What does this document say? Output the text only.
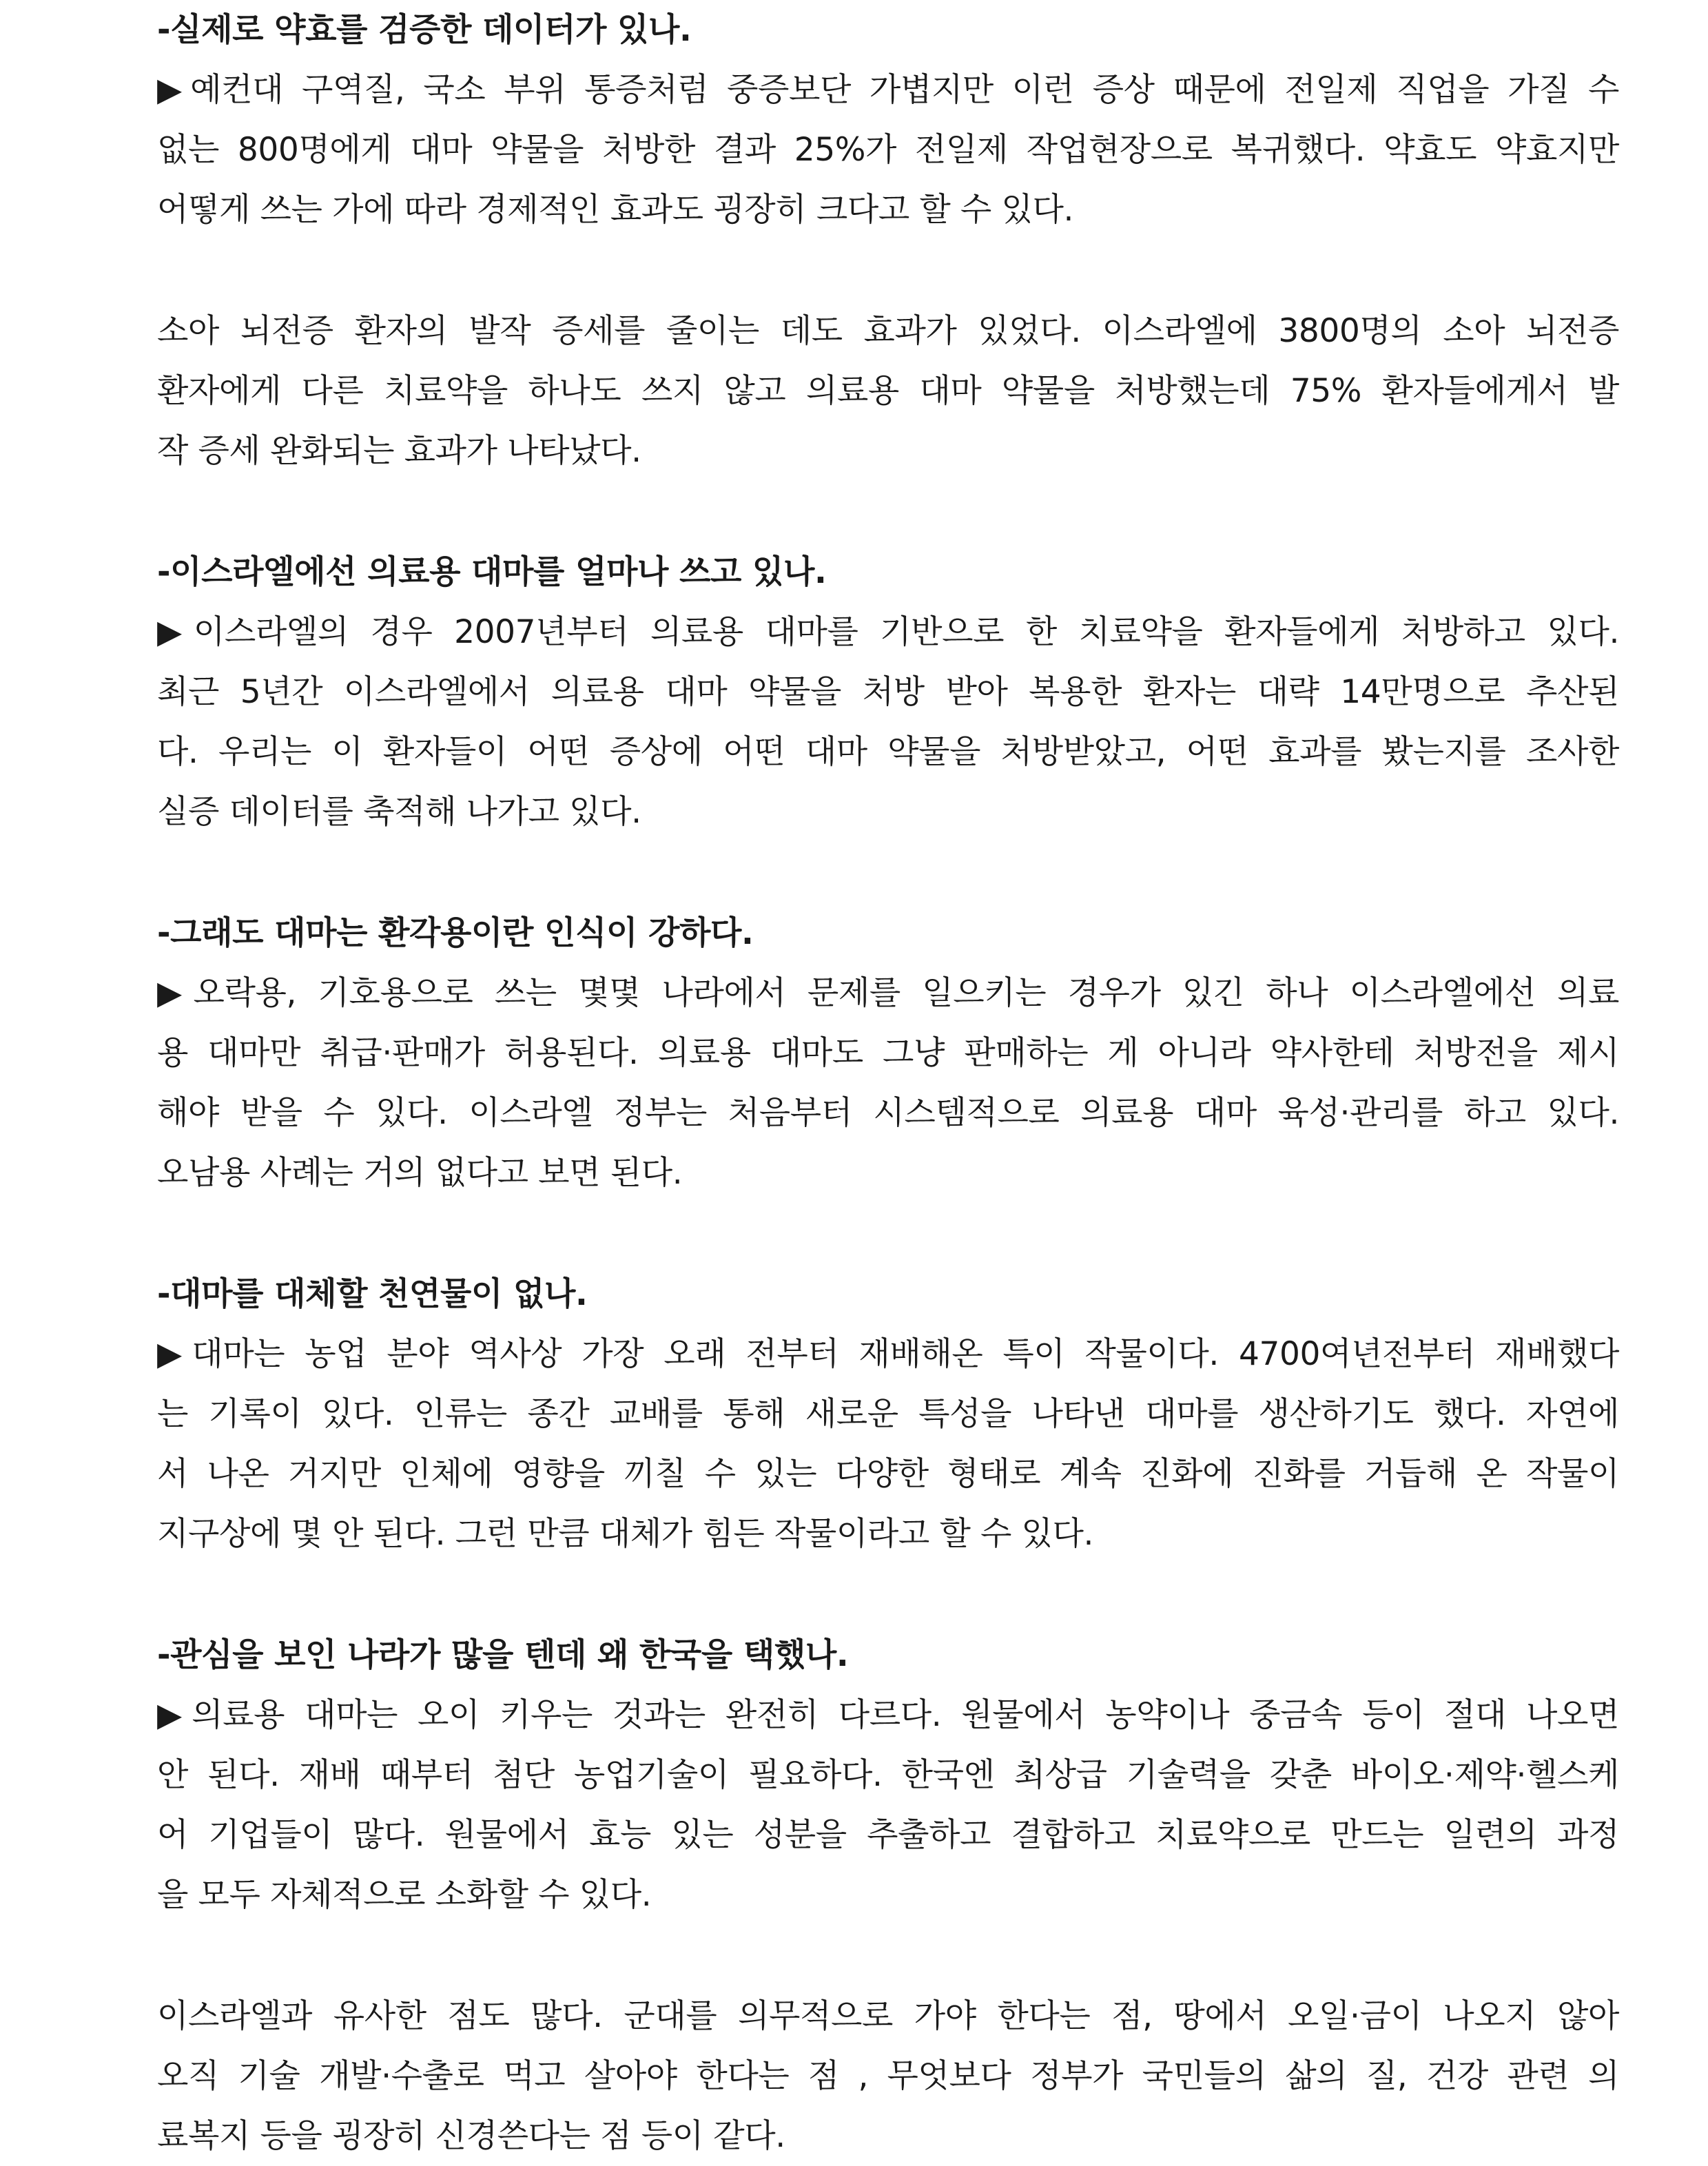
-실제로 약효를 검증한 데이터가 있나.
▶예컨대 구역질, 국소 부위 통증처럼 중증보단 가볍지만 이런 증상 때문에 전일제 직업을 가질 수
없는 800명에게 대마 약물을 처방한 결과 25%가 전일제 작업현장으로 복귀했다. 약효도 약효지만
어떻게 쓰는 가에 따라 경제적인 효과도 굉장히 크다고 할 수 있다.
소아 뇌전증 환자의 발작 증세를 줄이는 데도 효과가 있었다. 이스라엘에 3800명의 소아 뇌전증
환자에게 다른 치료약을 하나도 쓰지 않고 의료용 대마 약물을 처방했는데 75% 환자들에게서 발
작 증세 완화되는 효과가 나타났다.
-이스라엘에선 의료용 대마를 얼마나 쓰고 있나.
▶이스라엘의 경우 2007년부터 의료용 대마를 기반으로 한 치료약을 환자들에게 처방하고 있다.
최근 5년간 이스라엘에서 의료용 대마 약물을 처방 받아 복용한 환자는 대략 14만명으로 추산된
다. 우리는 이 환자들이 어떤 증상에 어떤 대마 약물을 처방받았고, 어떤 효과를 봤는지를 조사한
실증 데이터를 축적해 나가고 있다.
-그래도 대마는 환각용이란 인식이 강하다.
▶오락용, 기호용으로 쓰는 몇몇 나라에서 문제를 일으키는 경우가 있긴 하나 이스라엘에선 의료
용 대마만 취급·판매가 허용된다. 의료용 대마도 그냥 판매하는 게 아니라 약사한테 처방전을 제시
해야 받을 수 있다. 이스라엘 정부는 처음부터 시스템적으로 의료용 대마 육성·관리를 하고 있다.
오남용 사례는 거의 없다고 보면 된다.
-대마를 대체할 천연물이 없나.
▶대마는 농업 분야 역사상 가장 오래 전부터 재배해온 특이 작물이다. 4700여년전부터 재배했다
는 기록이 있다. 인류는 종간 교배를 통해 새로운 특성을 나타낸 대마를 생산하기도 했다. 자연에
서 나온 거지만 인체에 영향을 끼칠 수 있는 다양한 형태로 계속 진화에 진화를 거듭해 온 작물이
지구상에 몇 안 된다. 그런 만큼 대체가 힘든 작물이라고 할 수 있다.
-관심을 보인 나라가 많을 텐데 왜 한국을 택했나.
▶의료용 대마는 오이 키우는 것과는 완전히 다르다. 원물에서 농약이나 중금속 등이 절대 나오면
안 된다. 재배 때부터 첨단 농업기술이 필요하다. 한국엔 최상급 기술력을 갖춘 바이오·제약·헬스케
어 기업들이 많다. 원물에서 효능 있는 성분을 추출하고 결합하고 치료약으로 만드는 일련의 과정
을 모두 자체적으로 소화할 수 있다.
이스라엘과 유사한 점도 많다. 군대를 의무적으로 가야 한다는 점, 땅에서 오일·금이 나오지 않아
오직 기술 개발·수출로 먹고 살아야 한다는 점 , 무엇보다 정부가 국민들의 삶의 질, 건강 관련 의
료복지 등을 굉장히 신경쓴다는 점 등이 같다.
